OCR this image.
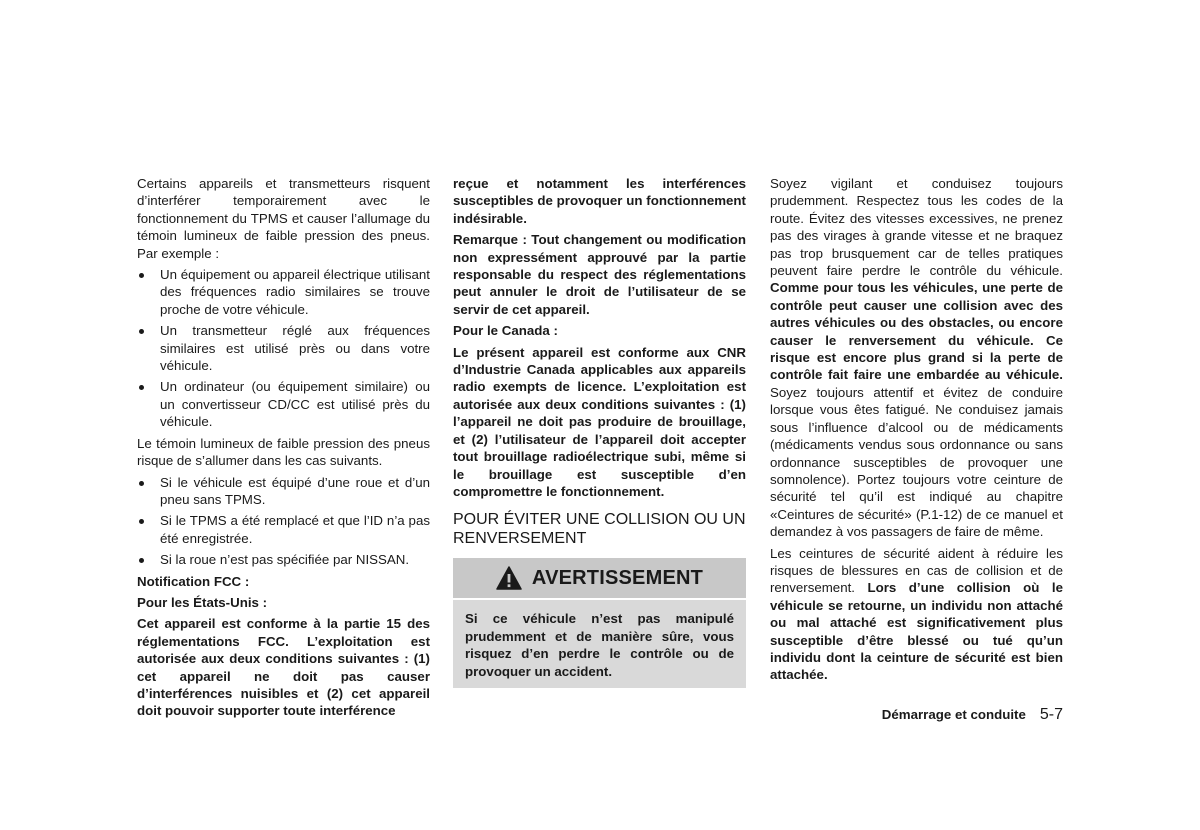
Certains appareils et transmetteurs risquent d’interférer temporairement avec le fonctionnement du TPMS et causer l’allumage du témoin lumineux de faible pression des pneus. Par exemple :

Un équipement ou appareil électrique utilisant des fréquences radio similaires se trouve proche de votre véhicule.
Un transmetteur réglé aux fréquences similaires est utilisé près ou dans votre véhicule.
Un ordinateur (ou équipement similaire) ou un convertisseur CD/CC est utilisé près du véhicule.

Le témoin lumineux de faible pression des pneus risque de s’allumer dans les cas suivants.

Si le véhicule est équipé d’une roue et d’un pneu sans TPMS.
Si le TPMS a été remplacé et que l’ID n’a pas été enregistrée.
Si la roue n’est pas spécifiée par NISSAN.

Notification FCC :

Pour les États-Unis :

Cet appareil est conforme à la partie 15 des réglementations FCC. L’exploitation est autorisée aux deux conditions suivantes : (1) cet appareil ne doit pas causer d’interférences nuisibles et (2) cet appareil doit pouvoir supporter toute interférence

reçue et notamment les interférences susceptibles de provoquer un fonctionnement indésirable.

Remarque : Tout changement ou modification non expressément approuvé par la partie responsable du respect des réglementations peut annuler le droit de l’utilisateur de se servir de cet appareil.

Pour le Canada :

Le présent appareil est conforme aux CNR d’Industrie Canada applicables aux appareils radio exempts de licence. L’exploitation est autorisée aux deux conditions suivantes : (1) l’appareil ne doit pas produire de brouillage, et (2) l’utilisateur de l’appareil doit accepter tout brouillage radioélectrique subi, même si le brouillage est susceptible d’en compromettre le fonctionnement.

POUR ÉVITER UNE COLLISION OU UN RENVERSEMENT
AVERTISSEMENT
Si ce véhicule n’est pas manipulé prudemment et de manière sûre, vous risquez d’en perdre le contrôle ou de provoquer un accident.

Soyez vigilant et conduisez toujours prudemment. Respectez tous les codes de la route. Évitez des vitesses excessives, ne prenez pas des virages à grande vitesse et ne braquez pas trop brusquement car de telles pratiques peuvent faire perdre le contrôle du véhicule. Comme pour tous les véhicules, une perte de contrôle peut causer une collision avec des autres véhicules ou des obstacles, ou encore causer le renversement du véhicule. Ce risque est encore plus grand si la perte de contrôle fait faire une embardée au véhicule. Soyez toujours attentif et évitez de conduire lorsque vous êtes fatigué. Ne conduisez jamais sous l’influence d’alcool ou de médicaments (médicaments vendus sous ordonnance ou sans ordonnance susceptibles de provoquer une somnolence). Portez toujours votre ceinture de sécurité tel qu’il est indiqué au chapitre «Ceintures de sécurité» (P.1-12) de ce manuel et demandez à vos passagers de faire de même.

Les ceintures de sécurité aident à réduire les risques de blessures en cas de collision et de renversement. Lors d’une collision où le véhicule se retourne, un individu non attaché ou mal attaché est significativement plus susceptible d’être blessé ou tué qu’un individu dont la ceinture de sécurité est bien attachée.

Démarrage et conduite 5-7
